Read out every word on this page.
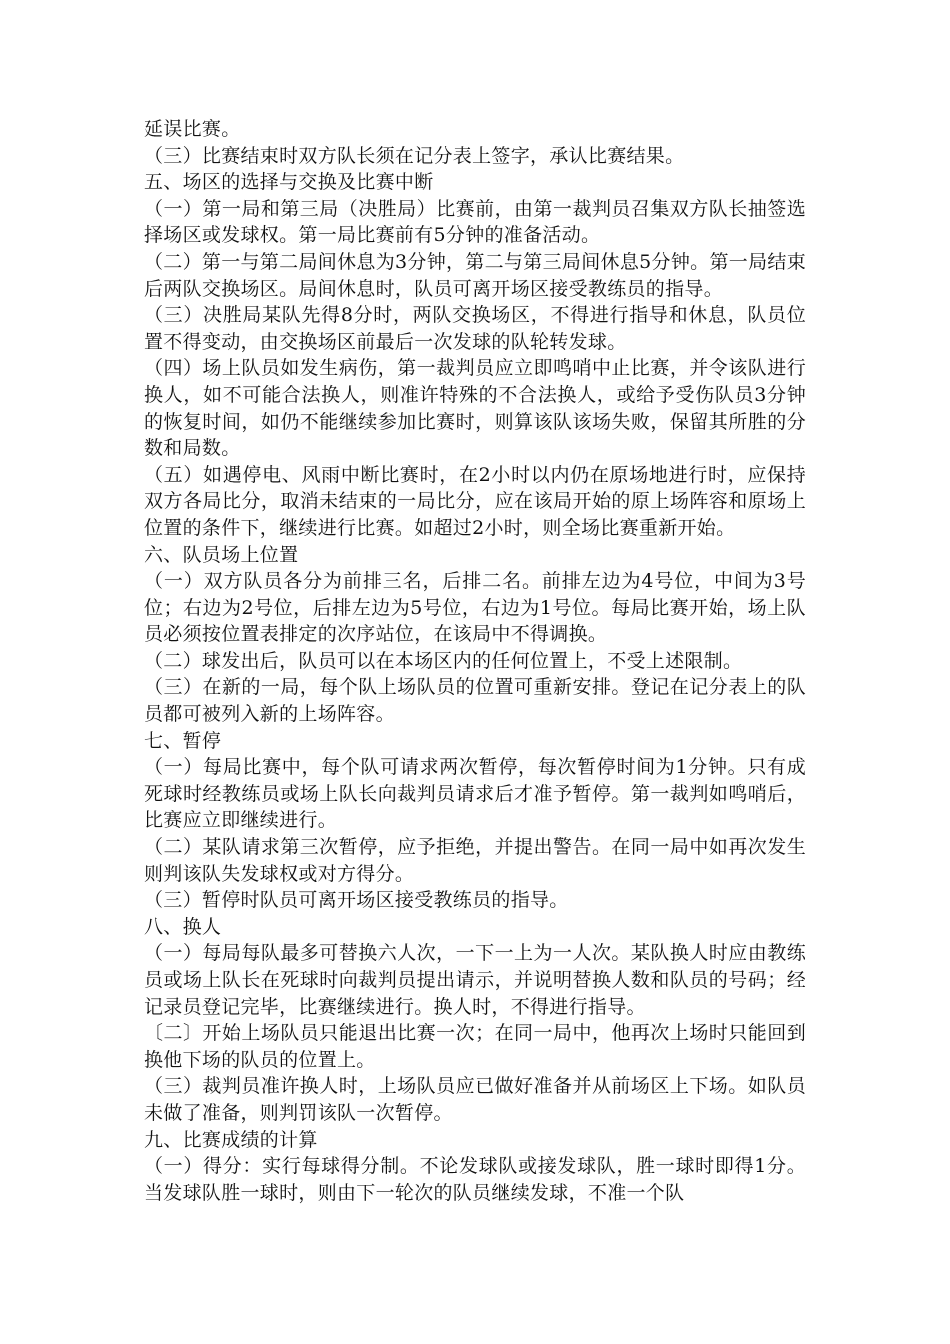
延误比赛。

（三）比赛结束时双方队长须在记分表上签字，承认比赛结果。

五、场区的选择与交换及比赛中断

（一）第一局和第三局（决胜局）比赛前，由第一裁判员召集双方队长抽签选择场区或发球权。第一局比赛前有5分钟的准备活动。

（二）第一与第二局间休息为3分钟，第二与第三局间休息5分钟。第一局结束后两队交换场区。局间休息时，队员可离开场区接受教练员的指导。

（三）决胜局某队先得8分时，两队交换场区，不得进行指导和休息，队员位置不得变动，由交换场区前最后一次发球的队轮转发球。

（四）场上队员如发生病伤，第一裁判员应立即鸣哨中止比赛，并令该队进行换人，如不可能合法换人，则准许特殊的不合法换人，或给予受伤队员3分钟的恢复时间，如仍不能继续参加比赛时，则算该队该场失败，保留其所胜的分数和局数。

（五）如遇停电、风雨中断比赛时，在2小时以内仍在原场地进行时，应保持双方各局比分，取消未结束的一局比分，应在该局开始的原上场阵容和原场上位置的条件下，继续进行比赛。如超过2小时，则全场比赛重新开始。

六、队员场上位置

（一）双方队员各分为前排三名，后排二名。前排左边为4号位，中间为3号位；右边为2号位，后排左边为5号位，右边为1号位。每局比赛开始，场上队员必须按位置表排定的次序站位，在该局中不得调换。

（二）球发出后，队员可以在本场区内的任何位置上，不受上述限制。

（三）在新的一局，每个队上场队员的位置可重新安排。登记在记分表上的队员都可被列入新的上场阵容。

七、暂停

（一）每局比赛中，每个队可请求两次暂停，每次暂停时间为1分钟。只有成死球时经教练员或场上队长向裁判员请求后才准予暂停。第一裁判如鸣哨后，比赛应立即继续进行。

（二）某队请求第三次暂停，应予拒绝，并提出警告。在同一局中如再次发生则判该队失发球权或对方得分。

（三）暂停时队员可离开场区接受教练员的指导。

八、换人

（一）每局每队最多可替换六人次，一下一上为一人次。某队换人时应由教练员或场上队长在死球时向裁判员提出请示，并说明替换人数和队员的号码；经记录员登记完毕，比赛继续进行。换人时，不得进行指导。

〔二〕开始上场队员只能退出比赛一次；在同一局中，他再次上场时只能回到换他下场的队员的位置上。

（三）裁判员准许换人时，上场队员应已做好准备并从前场区上下场。如队员未做了准备，则判罚该队一次暂停。

九、比赛成绩的计算

（一）得分：实行每球得分制。不论发球队或接发球队，胜一球时即得1分。当发球队胜一球时，则由下一轮次的队员继续发球，不准一个队
